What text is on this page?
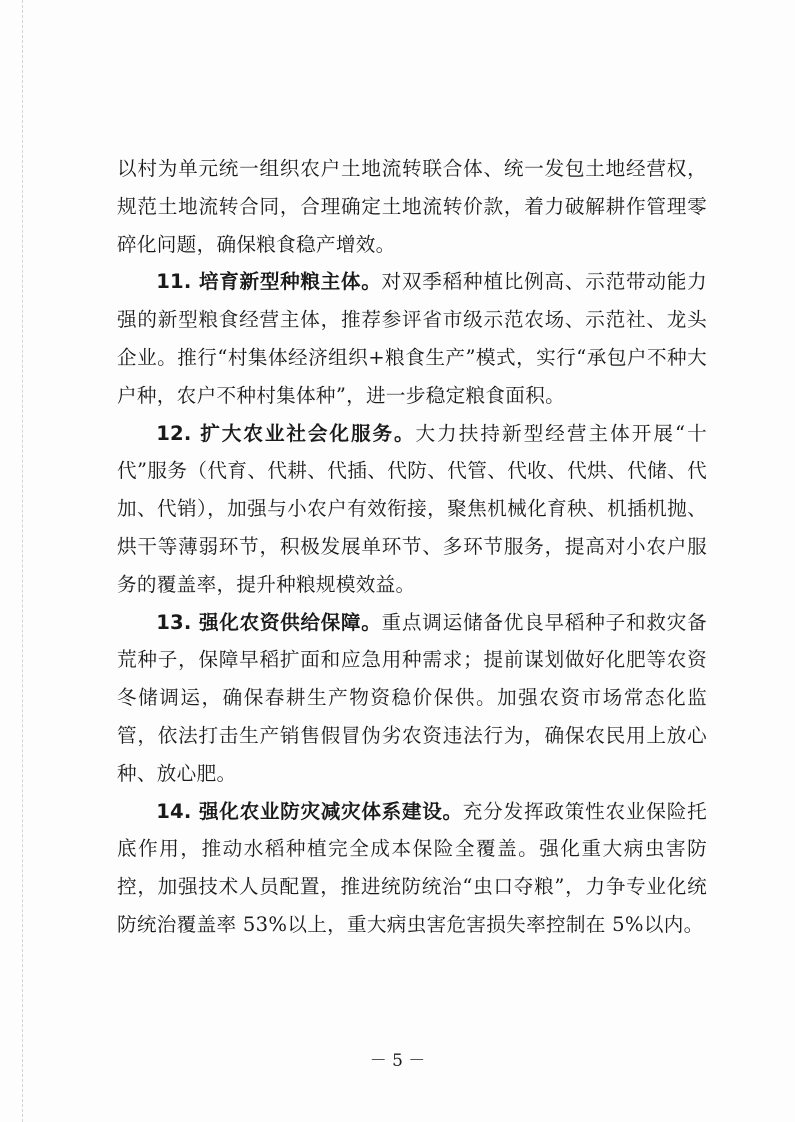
以村为单元统一组织农户土地流转联合体、统一发包土地经营权，规范土地流转合同，合理确定土地流转价款，着力破解耕作管理零碎化问题，确保粮食稳产增效。

11. 培育新型种粮主体。对双季稻种植比例高、示范带动能力强的新型粮食经营主体，推荐参评省市级示范农场、示范社、龙头企业。推行“村集体经济组织+粮食生产”模式，实行“承包户不种大户种，农户不种村集体种”，进一步稳定粮食面积。

12. 扩大农业社会化服务。大力扶持新型经营主体开展“十代”服务（代育、代耕、代插、代防、代管、代收、代烘、代储、代加、代销），加强与小农户有效衔接，聚焦机械化育秧、机插机抛、烘干等薄弱环节，积极发展单环节、多环节服务，提高对小农户服务的覆盖率，提升种粮规模效益。

13. 强化农资供给保障。重点调运储备优良早稻种子和救灾备荒种子，保障早稻扩面和应急用种需求；提前谋划做好化肥等农资冬储调运，确保春耕生产物资稳价保供。加强农资市场常态化监管，依法打击生产销售假冒伪劣农资违法行为，确保农民用上放心种、放心肥。

14. 强化农业防灾减灾体系建设。充分发挥政策性农业保险托底作用，推动水稻种植完全成本保险全覆盖。强化重大病虫害防控，加强技术人员配置，推进统防统治“虫口夺粮”，力争专业化统防统治覆盖率 53%以上，重大病虫害危害损失率控制在 5%以内。

－ 5 －
